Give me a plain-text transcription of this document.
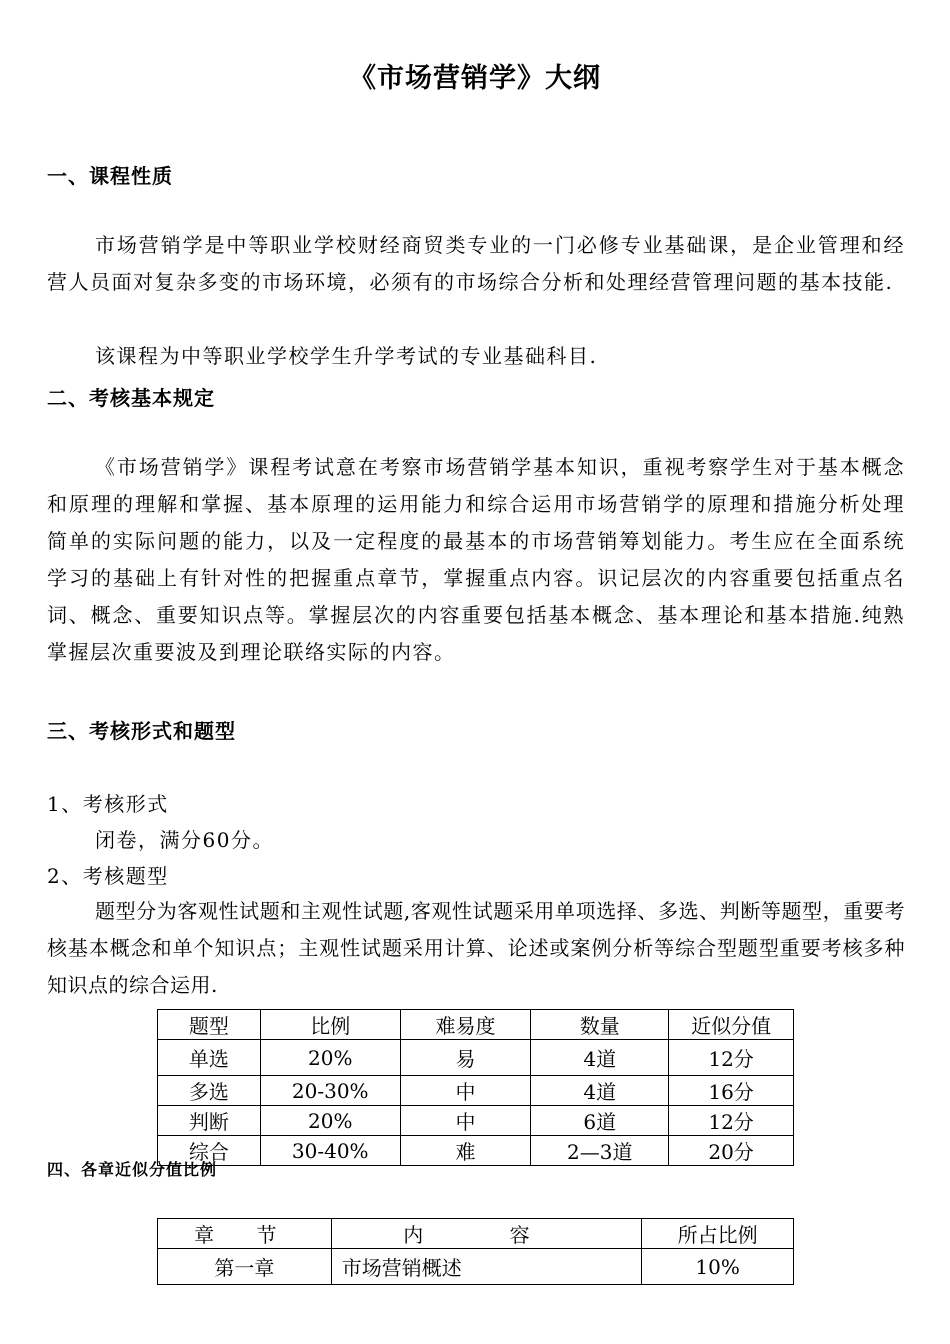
《市场营销学》大纲
一、课程性质
市场营销学是中等职业学校财经商贸类专业的一门必修专业基础课，是企业管理和经营人员面对复杂多变的市场环境，必须有的市场综合分析和处理经营管理问题的基本技能.
该课程为中等职业学校学生升学考试的专业基础科目.
二、考核基本规定
《市场营销学》课程考试意在考察市场营销学基本知识，重视考察学生对于基本概念和原理的理解和掌握、基本原理的运用能力和综合运用市场营销学的原理和措施分析处理简单的实际问题的能力，以及一定程度的最基本的市场营销筹划能力。考生应在全面系统学习的基础上有针对性的把握重点章节，掌握重点内容。识记层次的内容重要包括重点名词、概念、重要知识点等。掌握层次的内容重要包括基本概念、基本理论和基本措施.纯熟掌握层次重要波及到理论联络实际的内容。
三、考核形式和题型
1、考核形式
闭卷，满分60分。
2、考核题型
题型分为客观性试题和主观性试题,客观性试题采用单项选择、多选、判断等题型，重要考核基本概念和单个知识点；主观性试题采用计算、论述或案例分析等综合型题型重要考核多种知识点的综合运用.
题型	比例	难易度	数量	近似分值
单选	20%	易	4道	12分
多选	20-30%	中	4道	16分
判断	20%	中	6道	12分
综合	30-40%	难	2—3道	20分
四、各章近似分值比例
章 节	内 容	所占比例
第一章	市场营销概述	10%
